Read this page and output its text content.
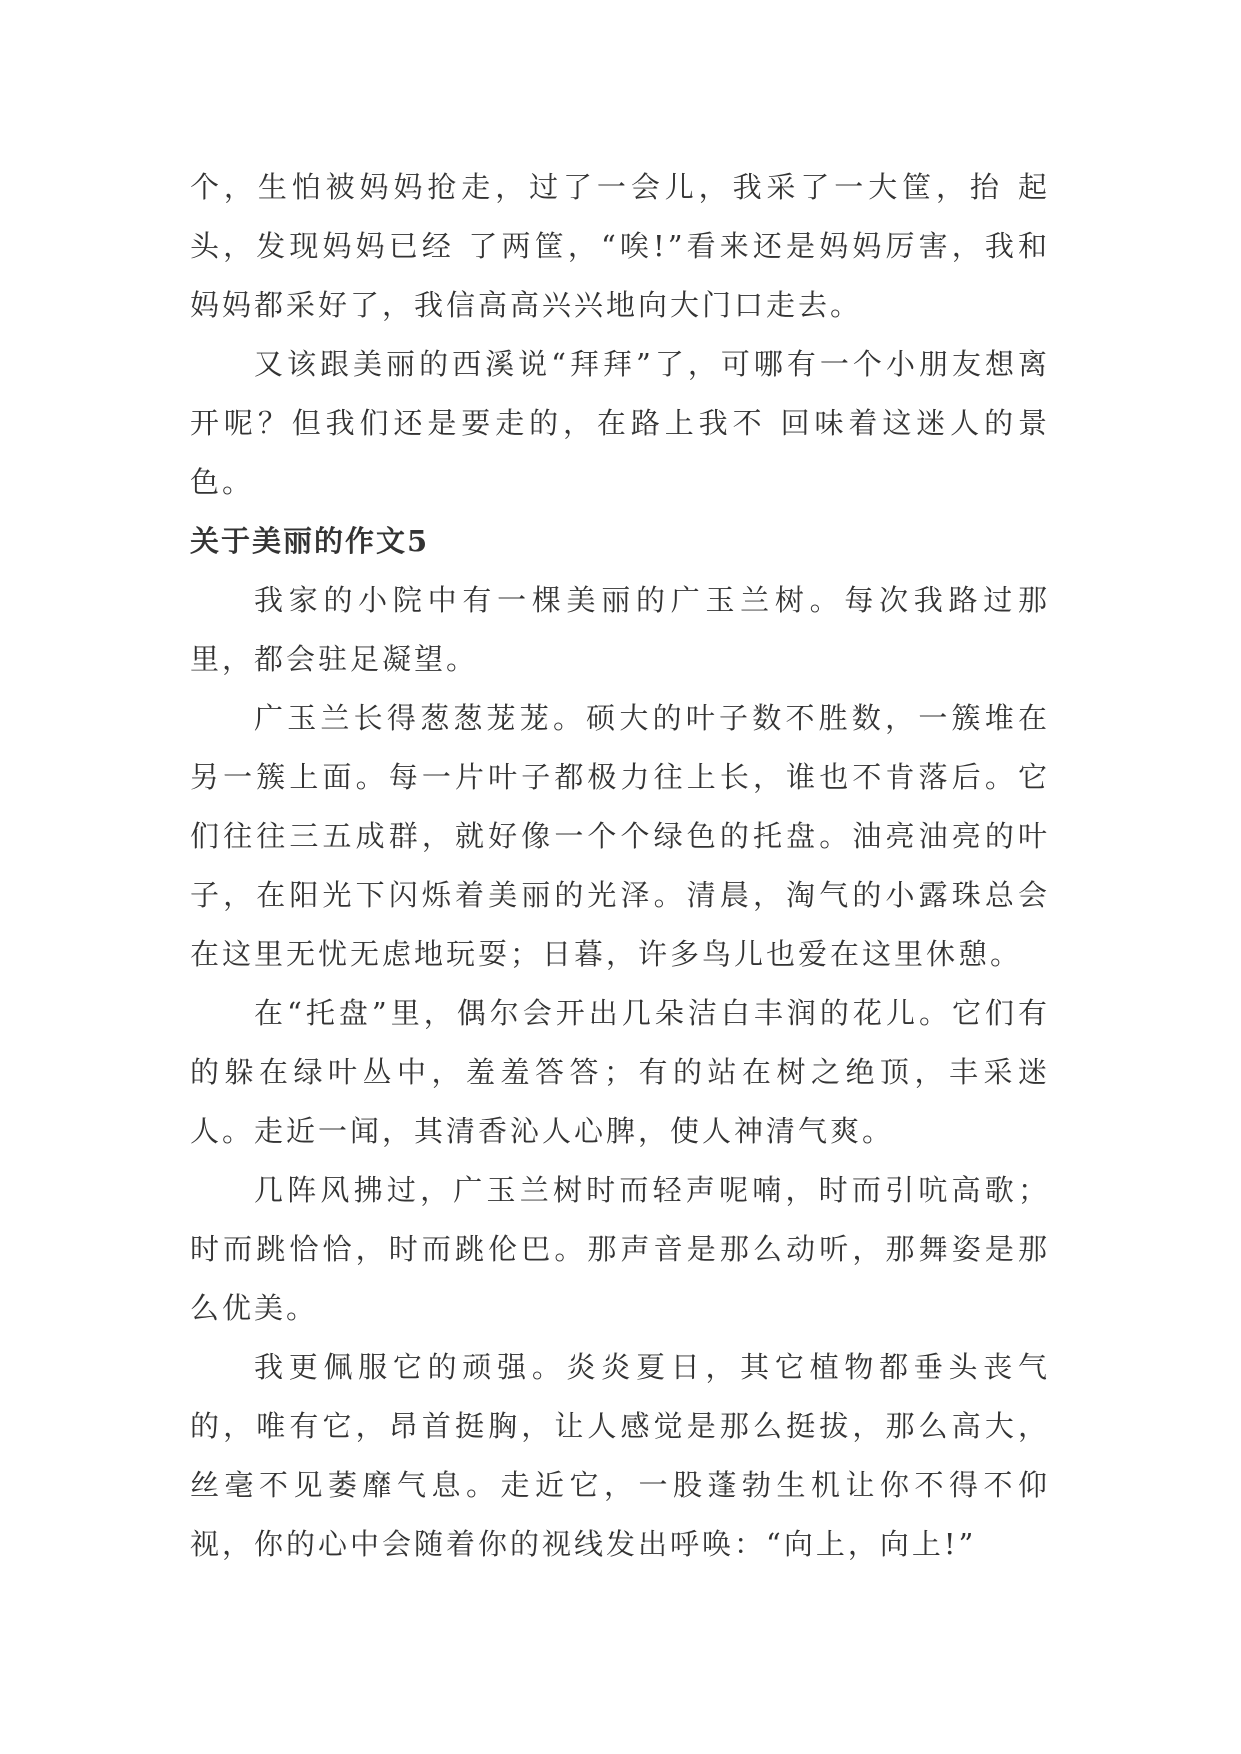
个，生怕被妈妈抢走，过了一会儿，我采了一大筐，抬 起头，发现妈妈已经 了两筐，“唉!”看来还是妈妈厉害，我和妈妈都采好了，我信高高兴兴地向大门口走去。

又该跟美丽的西溪说“拜拜”了，可哪有一个小朋友想离开呢？但我们还是要走的，在路上我不 回味着这迷人的景色。

关于美丽的作文5

我家的小院中有一棵美丽的广玉兰树。每次我路过那里，都会驻足凝望。

广玉兰长得葱葱茏茏。硕大的叶子数不胜数，一簇堆在另一簇上面。每一片叶子都极力往上长，谁也不肯落后。它们往往三五成群，就好像一个个绿色的托盘。油亮油亮的叶子，在阳光下闪烁着美丽的光泽。清晨，淘气的小露珠总会在这里无忧无虑地玩耍；日暮，许多鸟儿也爱在这里休憩。

在“托盘”里，偶尔会开出几朵洁白丰润的花儿。它们有的躲在绿叶丛中，羞羞答答；有的站在树之绝顶，丰采迷人。走近一闻，其清香沁人心脾，使人神清气爽。

几阵风拂过，广玉兰树时而轻声呢喃，时而引吭高歌；时而跳恰恰，时而跳伦巴。那声音是那么动听，那舞姿是那么优美。

我更佩服它的顽强。炎炎夏日，其它植物都垂头丧气的，唯有它，昂首挺胸，让人感觉是那么挺拔，那么高大，丝毫不见萎靡气息。走近它，一股蓬勃生机让你不得不仰视，你的心中会随着你的视线发出呼唤：“向上，向上!”
